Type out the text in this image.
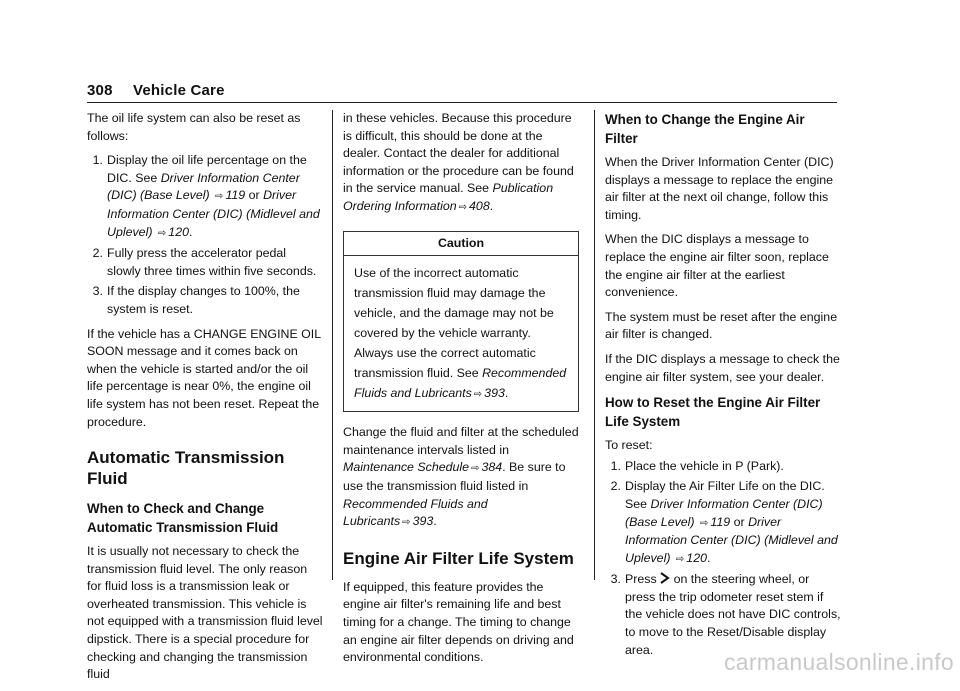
308 Vehicle Care

The oil life system can also be reset as follows:

1. Display the oil life percentage on the DIC. See Driver Information Center (DIC) (Base Level) ⇨ 119 or Driver Information Center (DIC) (Midlevel and Uplevel) ⇨ 120.
2. Fully press the accelerator pedal slowly three times within five seconds.
3. If the display changes to 100%, the system is reset.

If the vehicle has a CHANGE ENGINE OIL SOON message and it comes back on when the vehicle is started and/or the oil life percentage is near 0%, the engine oil life system has not been reset. Repeat the procedure.

Automatic Transmission Fluid
When to Check and Change Automatic Transmission Fluid

It is usually not necessary to check the transmission fluid level. The only reason for fluid loss is a transmission leak or overheated transmission. This vehicle is not equipped with a transmission fluid level dipstick. There is a special procedure for checking and changing the transmission fluid

in these vehicles. Because this procedure is difficult, this should be done at the dealer. Contact the dealer for additional information or the procedure can be found in the service manual. See Publication Ordering Information ⇨ 408.

Caution
Use of the incorrect automatic transmission fluid may damage the vehicle, and the damage may not be covered by the vehicle warranty. Always use the correct automatic transmission fluid. See Recommended Fluids and Lubricants ⇨ 393.

Change the fluid and filter at the scheduled maintenance intervals listed in Maintenance Schedule ⇨ 384. Be sure to use the transmission fluid listed in Recommended Fluids and Lubricants ⇨ 393.

Engine Air Filter Life System

If equipped, this feature provides the engine air filter's remaining life and best timing for a change. The timing to change an engine air filter depends on driving and environmental conditions.

When to Change the Engine Air Filter

When the Driver Information Center (DIC) displays a message to replace the engine air filter at the next oil change, follow this timing.

When the DIC displays a message to replace the engine air filter soon, replace the engine air filter at the earliest convenience.

The system must be reset after the engine air filter is changed.

If the DIC displays a message to check the engine air filter system, see your dealer.

How to Reset the Engine Air Filter Life System

To reset:

1. Place the vehicle in P (Park).
2. Display the Air Filter Life on the DIC. See Driver Information Center (DIC) (Base Level) ⇨ 119 or Driver Information Center (DIC) (Midlevel and Uplevel) ⇨ 120.
3. Press  on the steering wheel, or press the trip odometer reset stem if the vehicle does not have DIC controls, to move to the Reset/Disable display area.	carmanualsonline.info
